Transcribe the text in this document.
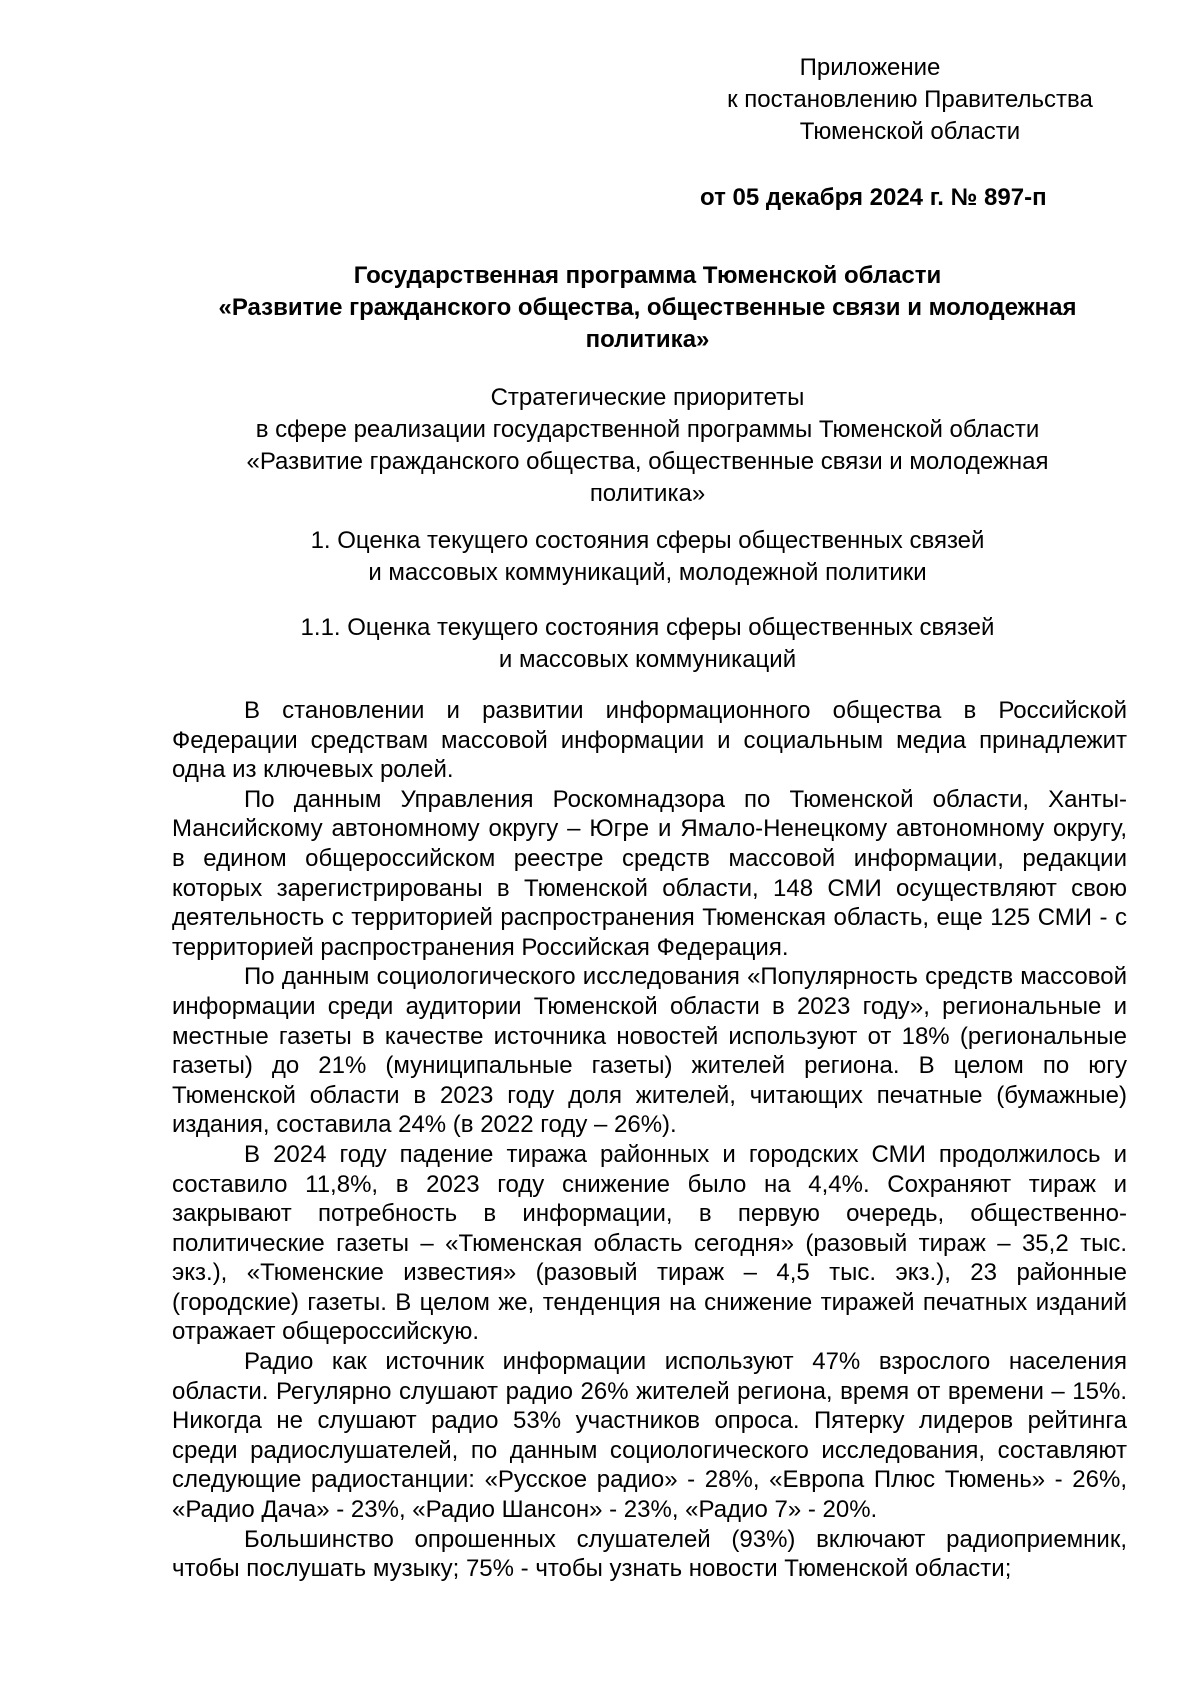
Приложение
к постановлению Правительства
Тюменской области
от 05 декабря 2024 г. № 897-п
Государственная программа Тюменской области
«Развитие гражданского общества, общественные связи и молодежная
политика»
Стратегические приоритеты
в сфере реализации государственной программы Тюменской области
«Развитие гражданского общества, общественные связи и молодежная
политика»
1. Оценка текущего состояния сферы общественных связей
и массовых коммуникаций, молодежной политики
1.1. Оценка текущего состояния сферы общественных связей
и массовых коммуникаций

В становлении и развитии информационного общества в Российской Федерации средствам массовой информации и социальным медиа принадлежит одна из ключевых ролей.

По данным Управления Роскомнадзора по Тюменской области, Ханты-Мансийскому автономному округу – Югре и Ямало-Ненецкому автономному округу, в едином общероссийском реестре средств массовой информации, редакции которых зарегистрированы в Тюменской области, 148 СМИ осуществляют свою деятельность с территорией распространения Тюменская область, еще 125 СМИ - с территорией распространения Российская Федерация.

По данным социологического исследования «Популярность средств массовой информации среди аудитории Тюменской области в 2023 году», региональные и местные газеты в качестве источника новостей используют от 18% (региональные газеты) до 21% (муниципальные газеты) жителей региона. В целом по югу Тюменской области в 2023 году доля жителей, читающих печатные (бумажные) издания, составила 24% (в 2022 году – 26%).

В 2024 году падение тиража районных и городских СМИ продолжилось и составило 11,8%, в 2023 году снижение было на 4,4%. Сохраняют тираж и закрывают потребность в информации, в первую очередь, общественно-политические газеты – «Тюменская область сегодня» (разовый тираж – 35,2 тыс. экз.), «Тюменские известия» (разовый тираж – 4,5 тыс. экз.), 23 районные (городские) газеты. В целом же, тенденция на снижение тиражей печатных изданий отражает общероссийскую.

Радио как источник информации используют 47% взрослого населения области. Регулярно слушают радио 26% жителей региона, время от времени – 15%. Никогда не слушают радио 53% участников опроса. Пятерку лидеров рейтинга среди радиослушателей, по данным социологического исследования, составляют следующие радиостанции: «Русское радио» - 28%, «Европа Плюс Тюмень» - 26%, «Радио Дача» - 23%, «Радио Шансон» - 23%, «Радио 7» - 20%.

Большинство опрошенных слушателей (93%) включают радиоприемник, чтобы послушать музыку; 75% - чтобы узнать новости Тюменской области;
